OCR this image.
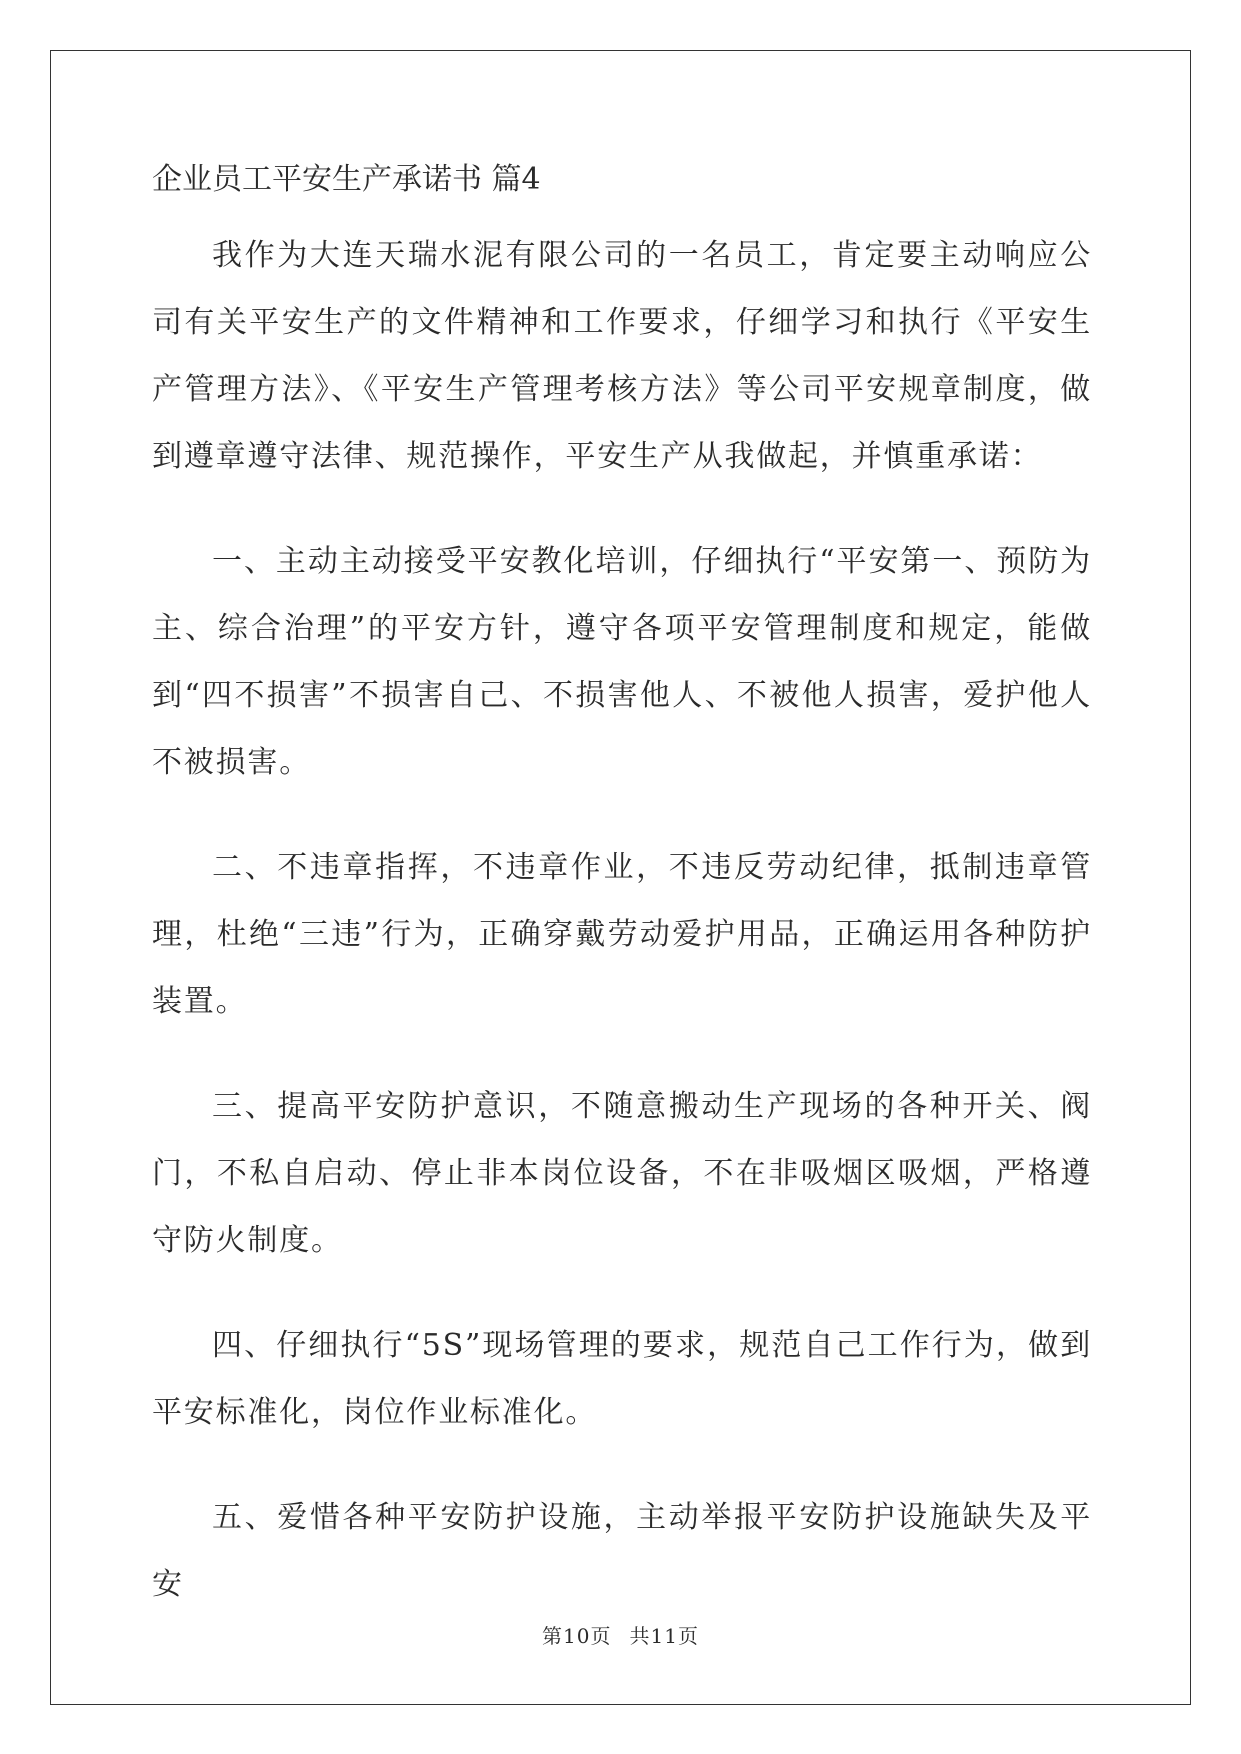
企业员工平安生产承诺书 篇4

我作为大连天瑞水泥有限公司的一名员工，肯定要主动响应公司有关平安生产的文件精神和工作要求，仔细学习和执行《平安生产管理方法》、《平安生产管理考核方法》等公司平安规章制度，做到遵章遵守法律、规范操作，平安生产从我做起，并慎重承诺：

一、主动主动接受平安教化培训，仔细执行“平安第一、预防为主、综合治理”的平安方针，遵守各项平安管理制度和规定，能做到“四不损害”不损害自己、不损害他人、不被他人损害，爱护他人不被损害。

二、不违章指挥，不违章作业，不违反劳动纪律，抵制违章管理，杜绝“三违”行为，正确穿戴劳动爱护用品，正确运用各种防护装置。

三、提高平安防护意识，不随意搬动生产现场的各种开关、阀门，不私自启动、停止非本岗位设备，不在非吸烟区吸烟，严格遵守防火制度。

四、仔细执行“5S”现场管理的要求，规范自己工作行为，做到平安标准化，岗位作业标准化。

五、爱惜各种平安防护设施，主动举报平安防护设施缺失及平安

第10页 共11页
